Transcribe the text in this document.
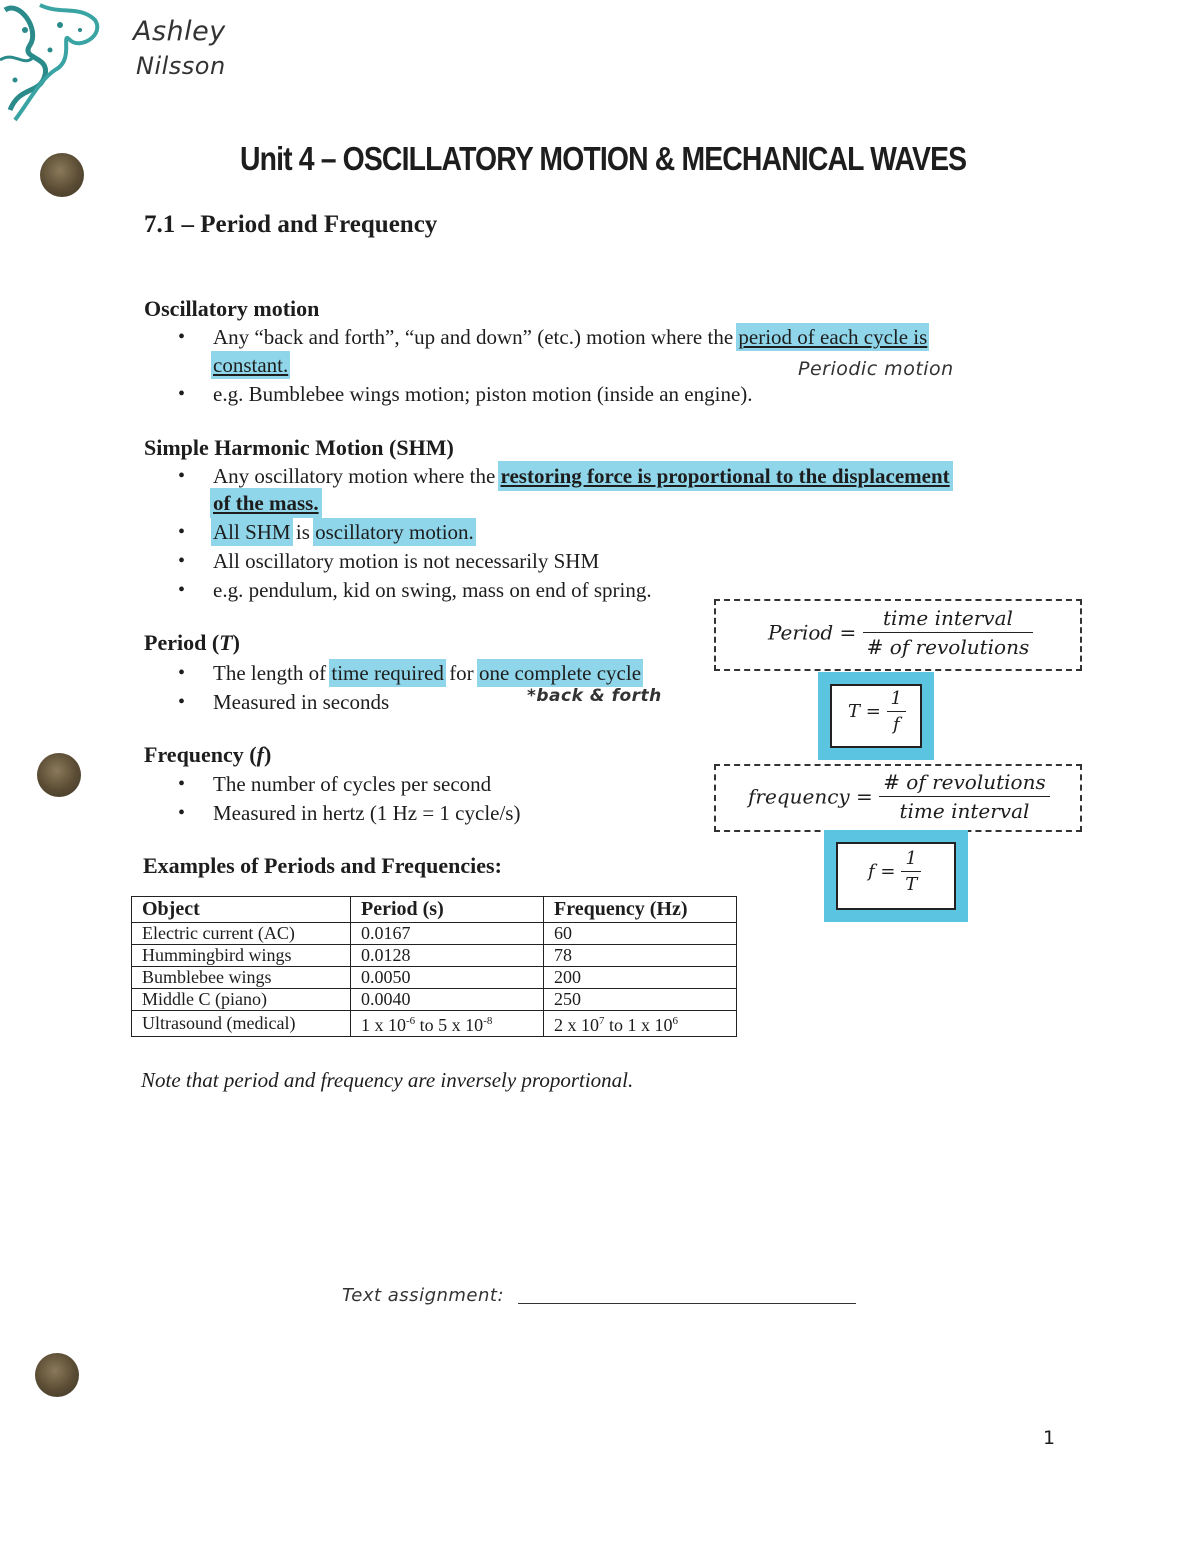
Ashley
Nilsson
Unit 4 – OSCILLATORY MOTION & MECHANICAL WAVES
7.1 – Period and Frequency
Oscillatory motion
• Any “back and forth”, “up and down” (etc.) motion where the period of each cycle is
constant.	Periodic motion
• e.g. Bumblebee wings motion; piston motion (inside an engine).
Simple Harmonic Motion (SHM)
• Any oscillatory motion where the restoring force is proportional to the displacement
of the mass.
• All SHM is oscillatory motion.
• All oscillatory motion is not necessarily SHM
• e.g. pendulum, kid on swing, mass on end of spring.
Period (T)
• The length of time required for one complete cycle
• Measured in seconds	*back & forth
Frequency (f)
• The number of cycles per second
• Measured in hertz (1 Hz = 1 cycle/s)
Period = $\frac{\text{time interval}}{\text{\# of revolutions}}$
$T = \frac{1}{f}$
frequency = $\frac{\text{\# of revolutions}}{\text{time interval}}$
$f = \frac{1}{T}$
Examples of Periods and Frequencies:
Object	Period (s)	Frequency (Hz)
Electric current (AC)	0.0167	60
Hummingbird wings	0.0128	78
Bumblebee wings	0.0050	200
Middle C (piano)	0.0040	250
Ultrasound (medical)	1 x $10^{-6}$ to 5 x $10^{-8}$	2 x $10^7$ to 1 x $10^6$
Note that period and frequency are inversely proportional.
Text assignment:
1
